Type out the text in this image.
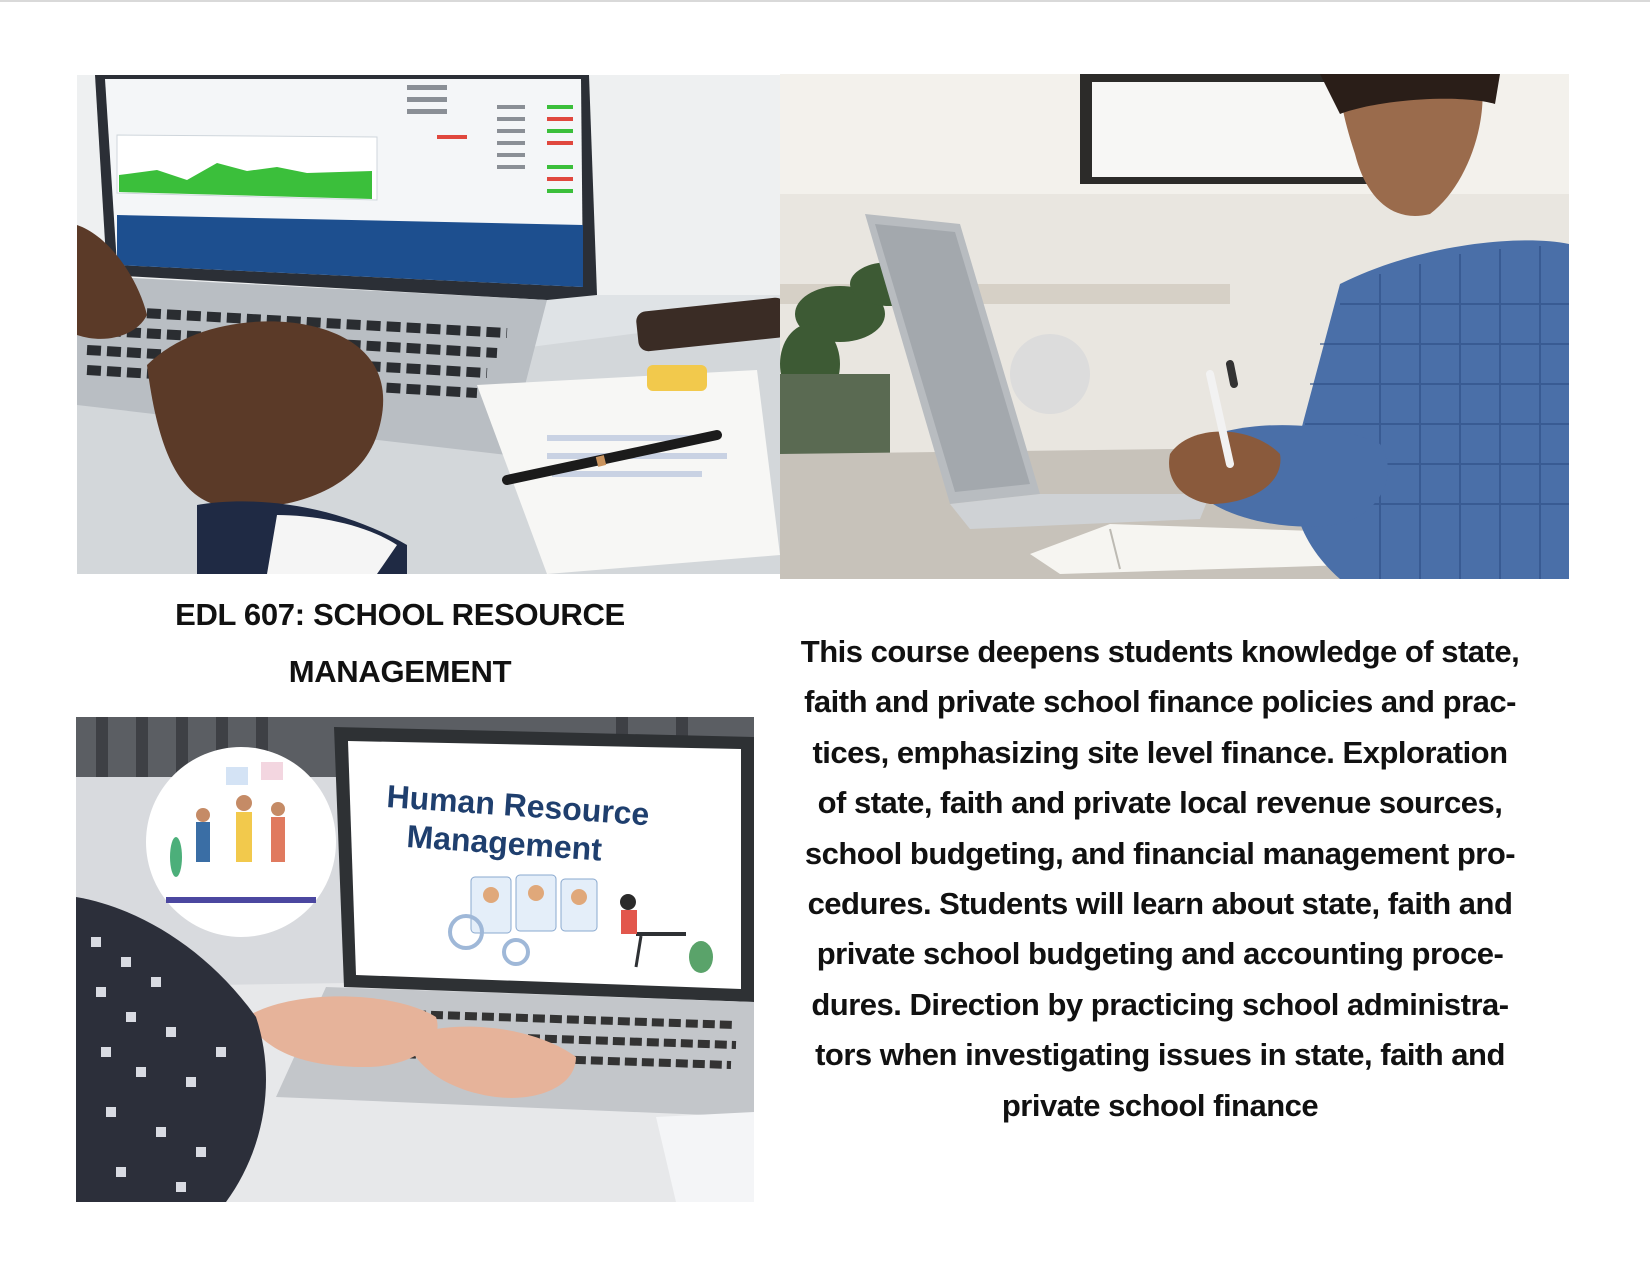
EDL 607: SCHOOL RESOURCE
MANAGEMENT
Human Resource
Management
This course deepens students knowledge of state,
faith and private school finance policies and prac-
tices, emphasizing site level finance. Exploration
of state, faith and private local revenue sources,
school budgeting, and financial management pro-
cedures. Students will learn about state, faith and
private school budgeting and accounting proce-
dures. Direction by practicing school administra-
tors when investigating issues in state, faith and
private school finance
